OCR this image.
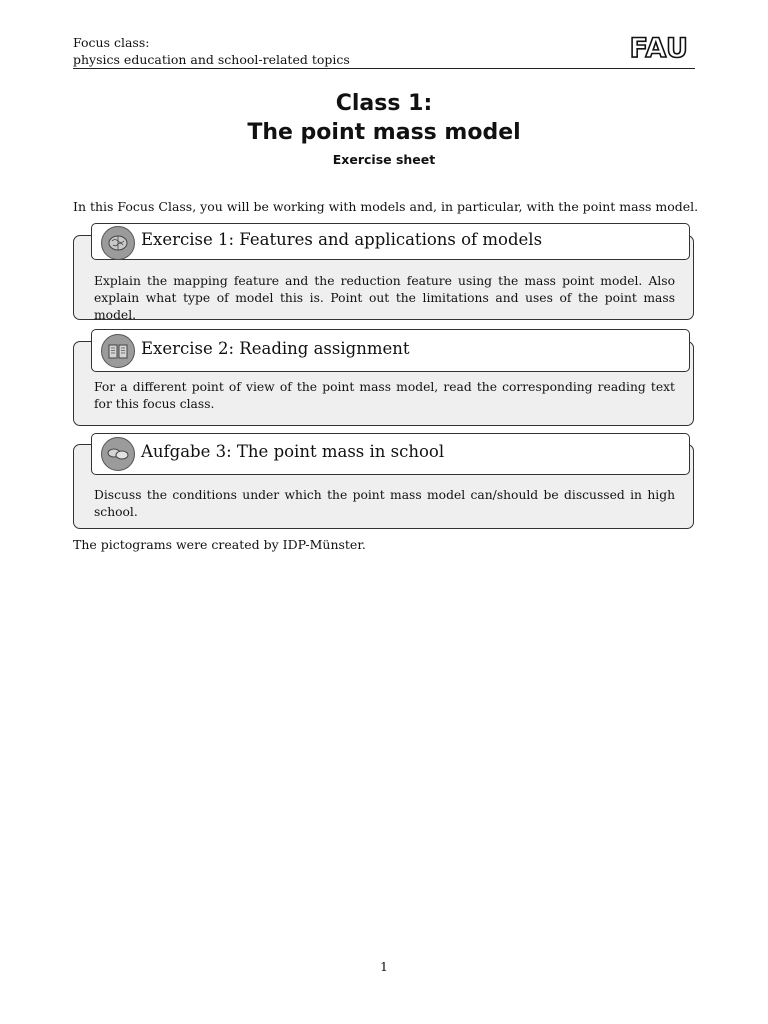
Focus class:
physics education and school-related topics	FAU
Class 1:
The point mass model
Exercise sheet
In this Focus Class, you will be working with models and, in particular, with the point mass model.
Explain the mapping feature and the reduction feature using the mass point model. Also explain what type of model this is. Point out the limitations and uses of the point mass model.
Exercise 1: Features and applications of models
For a different point of view of the point mass model, read the corresponding reading text for this focus class.
Exercise 2: Reading assignment
Discuss the conditions under which the point mass model can/should be discussed in high school.
Aufgabe 3: The point mass in school
The pictograms were created by IDP-Münster.
1
